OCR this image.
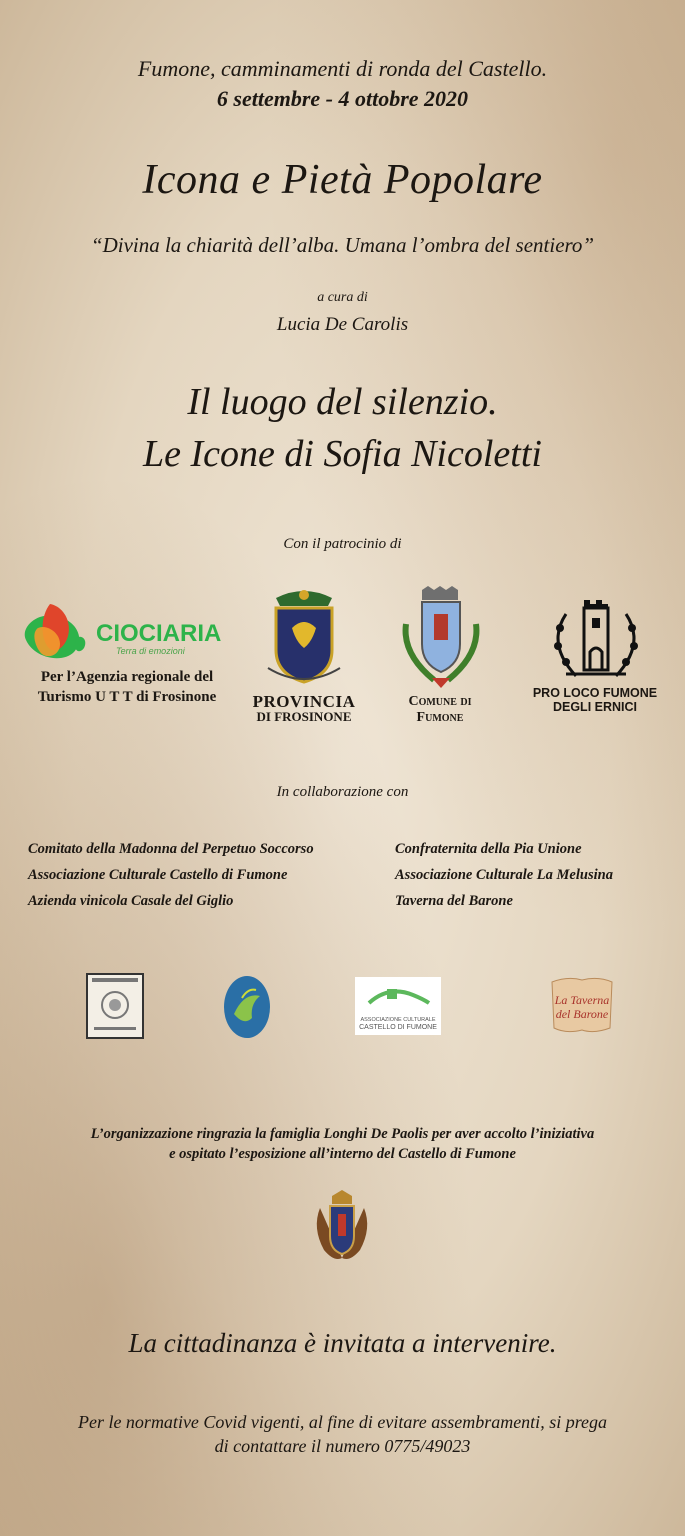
Fumone, camminamenti di ronda del Castello.
6 settembre - 4 ottobre 2020
Icona e Pietà Popolare
“Divina la chiarità dell’alba. Umana l’ombra del sentiero”
a cura di
Lucia De Carolis
Il luogo del silenzio.
Le Icone di Sofia Nicoletti
Con il patrocinio di
CIOCIARIA
Terra di emozioni
Per l’Agenzia regionale del Turismo U T T di Frosinone	PROVINCIA
DI FROSINONE
Comune di
Fumone
PRO LOCO FUMONE
DEGLI ERNICI
In collaborazione con
Comitato della Madonna del Perpetuo Soccorso
Associazione Culturale Castello di Fumone
Azienda vinicola Casale del Giglio
Confraternita della Pia Unione
Associazione Culturale La Melusina
Taverna del Barone
ASSOCIAZIONE CULTURALE
CASTELLO DI FUMONE
La Taverna
del Barone
L’organizzazione ringrazia la famiglia Longhi De Paolis per aver accolto l’iniziativa
e ospitato l’esposizione all’interno del Castello di Fumone
La cittadinanza è invitata a intervenire.
Per le normative Covid vigenti, al fine di evitare assembramenti, si prega
di contattare il numero 0775/49023
